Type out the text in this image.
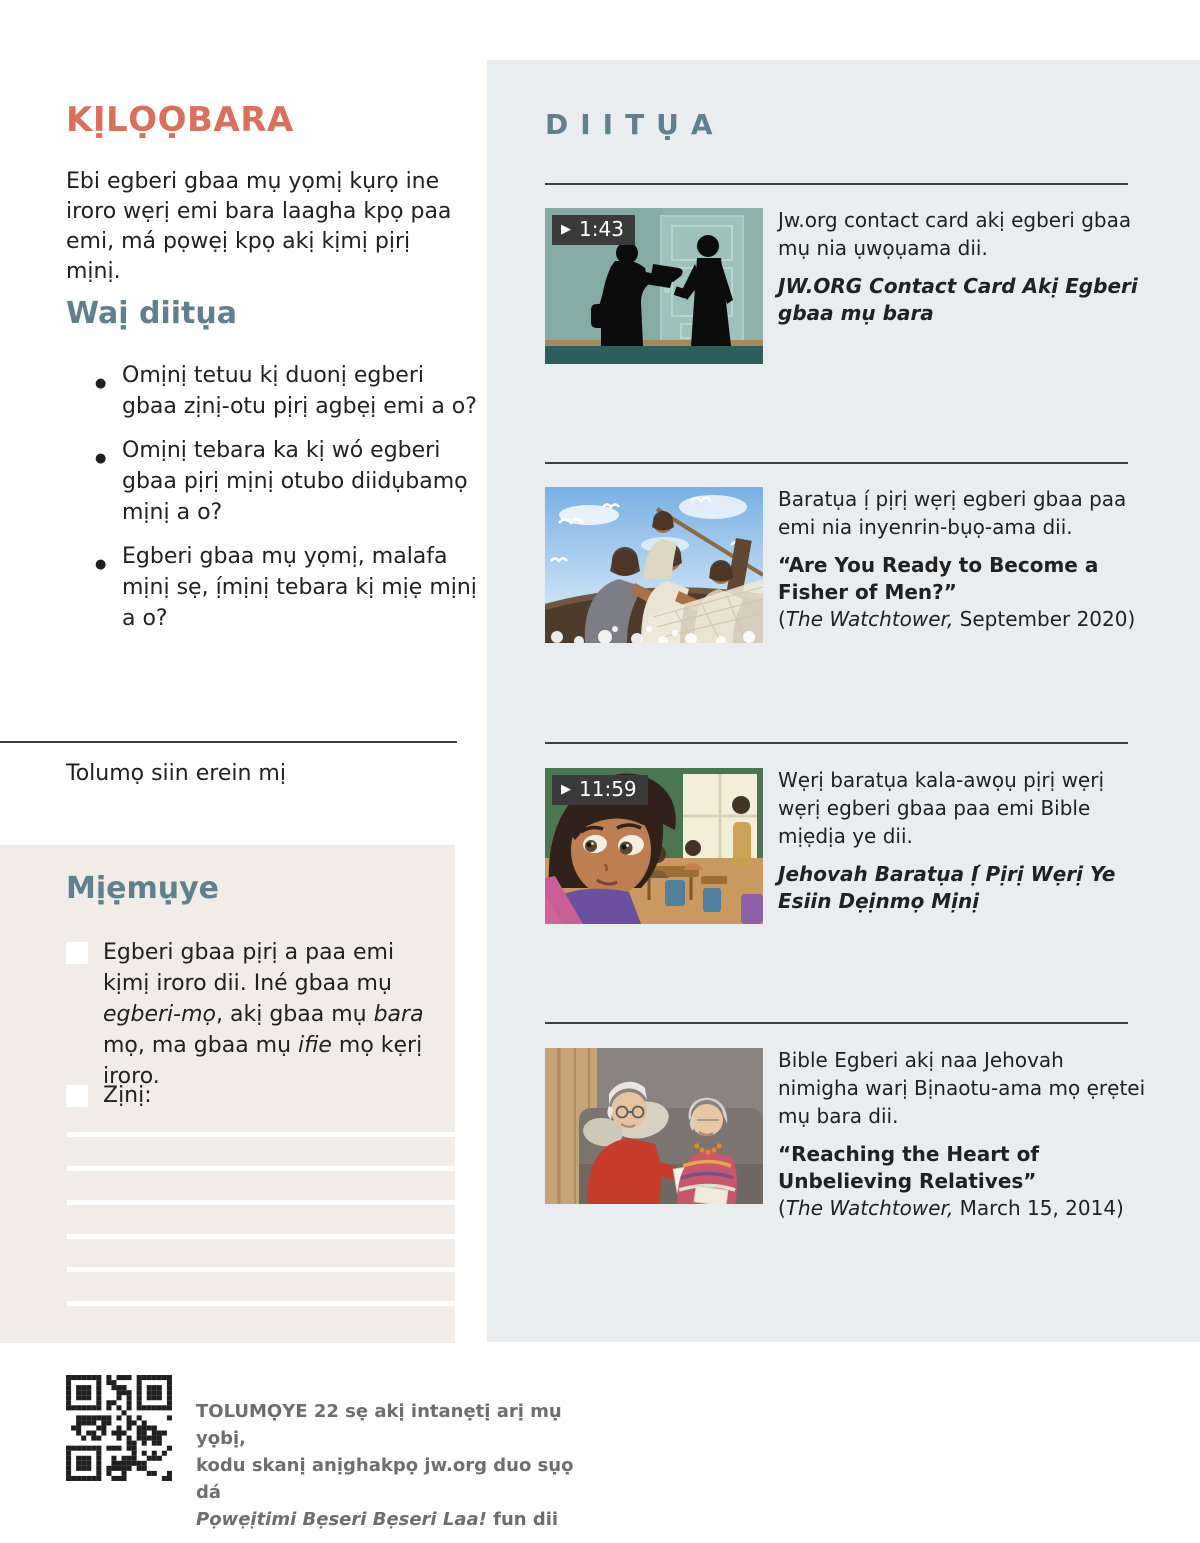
KỊLỌỌBARA
Ebi egberi gbaa mụ yọmị kụrọ ine iroro wẹrị emi bara laagha kpọ paa emi, má pọwẹị kpọ akị kịmị pịrị mịnị.
Waị diitụa
● Omịnị tetuu kị duonị egberi gbaa zịnị-otu pịrị agbẹị emi a o?
● Omịnị tebara ka kị wó egberi gbaa pịrị mịnị otubo diidụbamọ mịnị a o?
● Egberi gbaa mụ yọmị, malafa mịnị sẹ, ị́mịnị tebara kị mịẹ mịnị a o?
Tolumọ siin erein mị
Mịẹmụye
Egberi gbaa pịrị a paa emi kịmị iroro dii. Iné gbaa mụ egberi-mọ, akị gbaa mụ bara mọ, ma gbaa mụ ifie mọ kẹrị iroro.
Zịnị:
TOLUMỌYE 22 sẹ akị intanẹtị arị mụ yọbị,
kodu skanị anịghakpọ jw.org duo sụọ dá
Pọwẹịtimi Bẹseri Bẹseri Laa! fun dii
DIITỤA
▶ 1:43	Jw.org contact card akị egberi gbaa mụ nia ụwọụama dii.
JW.ORG Contact Card Akị Egberi gbaa mụ bara
Baratụa ị́ pịrị wẹrị egberi gbaa paa emi nia inyenrin-bụọ-ama dii.
“Are You Ready to Become a Fisher of Men?”
(The Watchtower, September 2020)
▶ 11:59	Wẹrị baratụa kala-awọụ pịrị wẹrị wẹrị egberi gbaa paa emi Bible mịẹdịa ye dii.
Jehovah Baratụa Ị́ Pịrị Wẹrị Ye Esiin Dẹịnmọ Mịnị
Bible Egberi akị naa Jehovah nimigha warị Bịnaotu-ama mọ ẹrẹtei mụ bara dii.
“Reaching the Heart of Unbelieving Relatives”
(The Watchtower, March 15, 2014)
